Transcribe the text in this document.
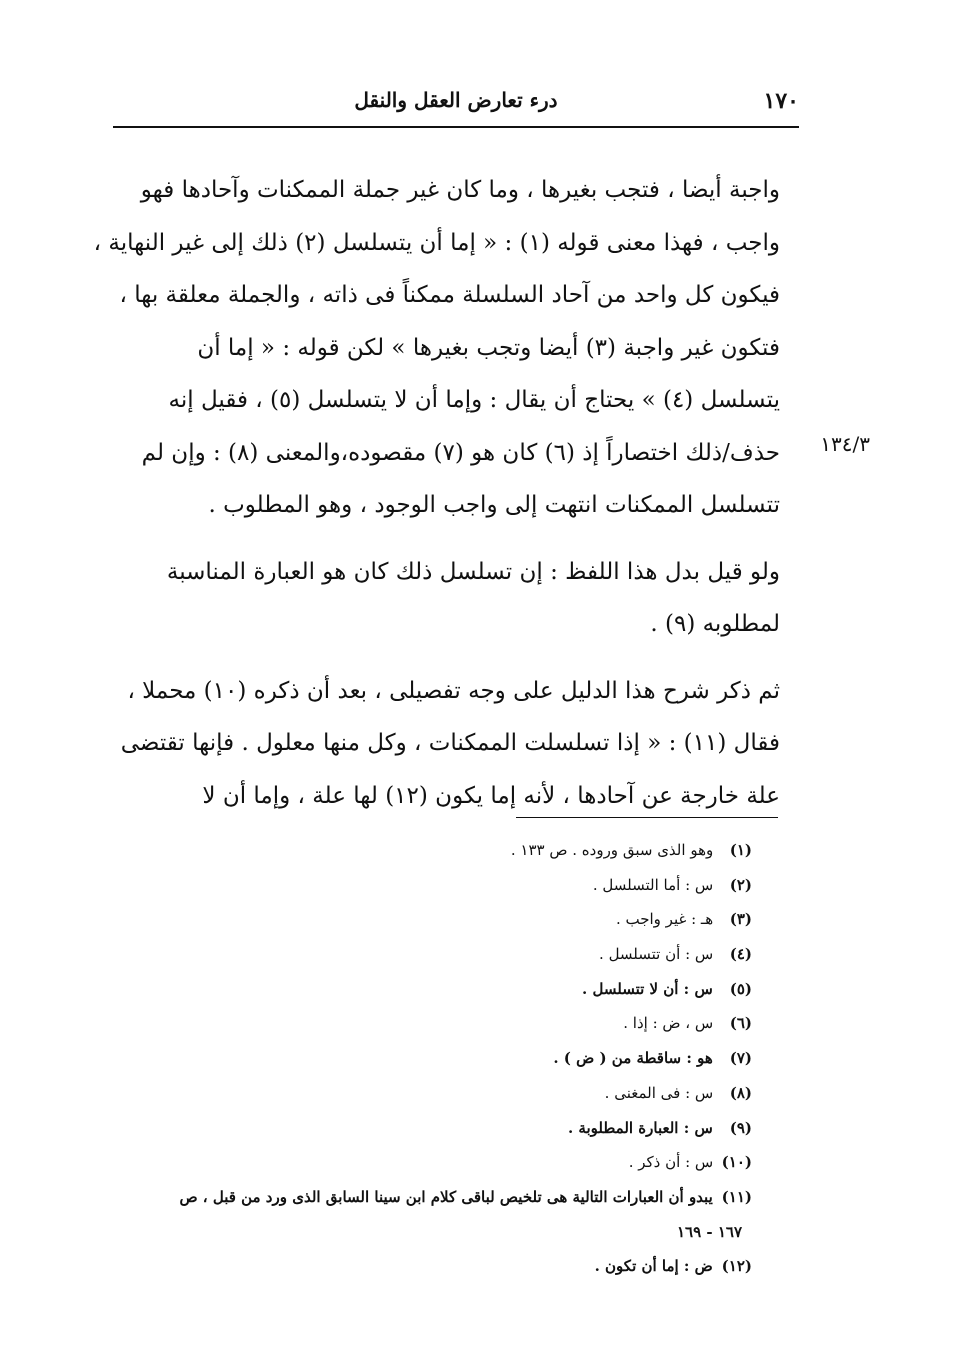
١٧٠
درء تعارض العقل والنقل
١٣٤/٣
واجبة أيضا ، فتجب بغيرها ، وما كان غير جملة الممكنات وآحادها فهو
واجب ، فهذا معنى قوله (١) : « إما أن يتسلسل (٢) ذلك إلى غير النهاية ،
فيكون كل واحد من آحاد السلسلة ممكناً فى ذاته ، والجملة معلقة بها ،
فتكون غير واجبة (٣) أيضا وتجب بغيرها » لكن قوله : « إما أن
يتسلسل (٤) » يحتاج أن يقال : وإما أن لا يتسلسل (٥) ، فقيل إنه
حذف/ذلك اختصاراً إذ (٦) كان هو (٧) مقصوده،والمعنى (٨) : وإن لم
تتسلسل الممكنات انتهت إلى واجب الوجود ، وهو المطلوب .
ولو قيل بدل هذا اللفظ : إن تسلسل ذلك كان هو العبارة المناسبة
لمطلوبه (٩) .
ثم ذكر شرح هذا الدليل على وجه تفصيلى ، بعد أن ذكره (١٠) محملا ،
فقال (١١) : « إذا تسلسلت الممكنات ، وكل منها معلول . فإنها تقتضى
علة خارجة عن آحادها ، لأنه إما يكون (١٢) لها علة ، وإما أن لا
(١) وهو الذى سبق وروده . ص ١٣٣ .
(٢) س : أما التسلسل .
(٣) هـ : غير واجب .
(٤) س : أن تتسلسل .
(٥) س : أن لا تتسلسل .
(٦) س ، ض : إذا .
(٧) هو : ساقطة من ( ض ) .
(٨) س : فى المغنى .
(٩) س : العبارة المطلوبة .
(١٠) س : أن ذكر .
(١١) يبدو أن العبارات التالية هى تلخيص لباقى كلام ابن سينا السابق الذى ورد من قبل ، ص
١٦٧ - ١٦٩
(١٢) ض : إما أن تكون .
